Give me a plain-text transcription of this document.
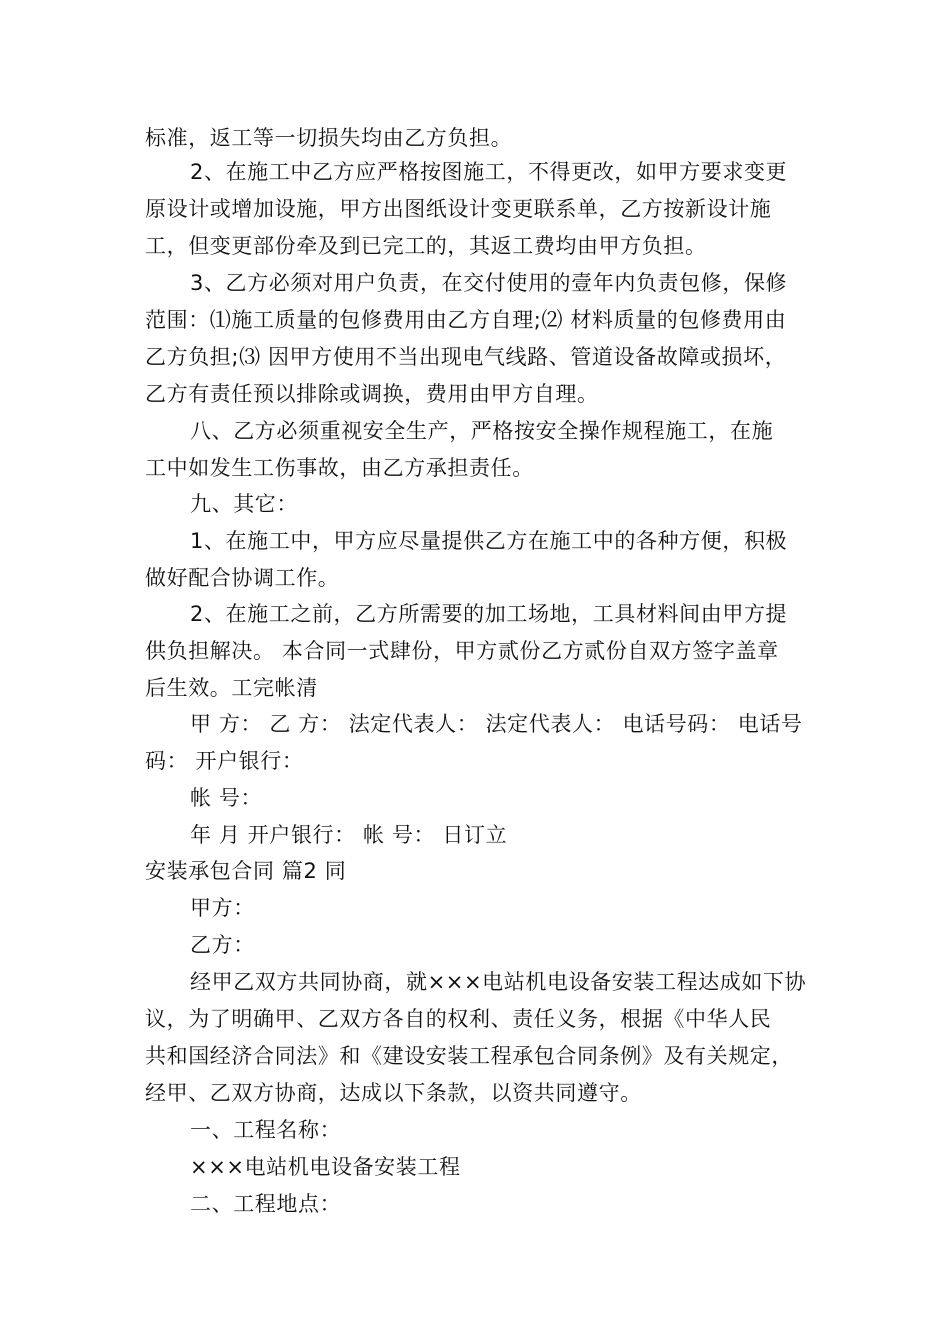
标准，返工等一切损失均由乙方负担。
2、在施工中乙方应严格按图施工，不得更改，如甲方要求变更
原设计或增加设施，甲方出图纸设计变更联系单，乙方按新设计施
工，但变更部份牵及到已完工的，其返工费均由甲方负担。
3、乙方必须对用户负责，在交付使用的壹年内负责包修，保修
范围：⑴施工质量的包修费用由乙方自理;⑵ 材料质量的包修费用由
乙方负担;⑶ 因甲方使用不当出现电气线路、管道设备故障或损坏，
乙方有责任预以排除或调换，费用由甲方自理。
八、乙方必须重视安全生产，严格按安全操作规程施工，在施
工中如发生工伤事故，由乙方承担责任。
九、其它：
1、在施工中，甲方应尽量提供乙方在施工中的各种方便，积极
做好配合协调工作。
2、在施工之前，乙方所需要的加工场地，工具材料间由甲方提
供负担解决。 本合同一式肆份，甲方贰份乙方贰份自双方签字盖章
后生效。工完帐清
甲 方： 乙 方： 法定代表人： 法定代表人： 电话号码： 电话号
码： 开户银行：
帐 号：
年 月 开户银行： 帐 号： 日订立
安装承包合同 篇2 同
甲方：
乙方：
经甲乙双方共同协商，就×××电站机电设备安装工程达成如下协
议，为了明确甲、乙双方各自的权利、责任义务，根据《中华人民
共和国经济合同法》和《建设安装工程承包合同条例》及有关规定，
经甲、乙双方协商，达成以下条款，以资共同遵守。
一、工程名称：
×××电站机电设备安装工程
二、工程地点：
